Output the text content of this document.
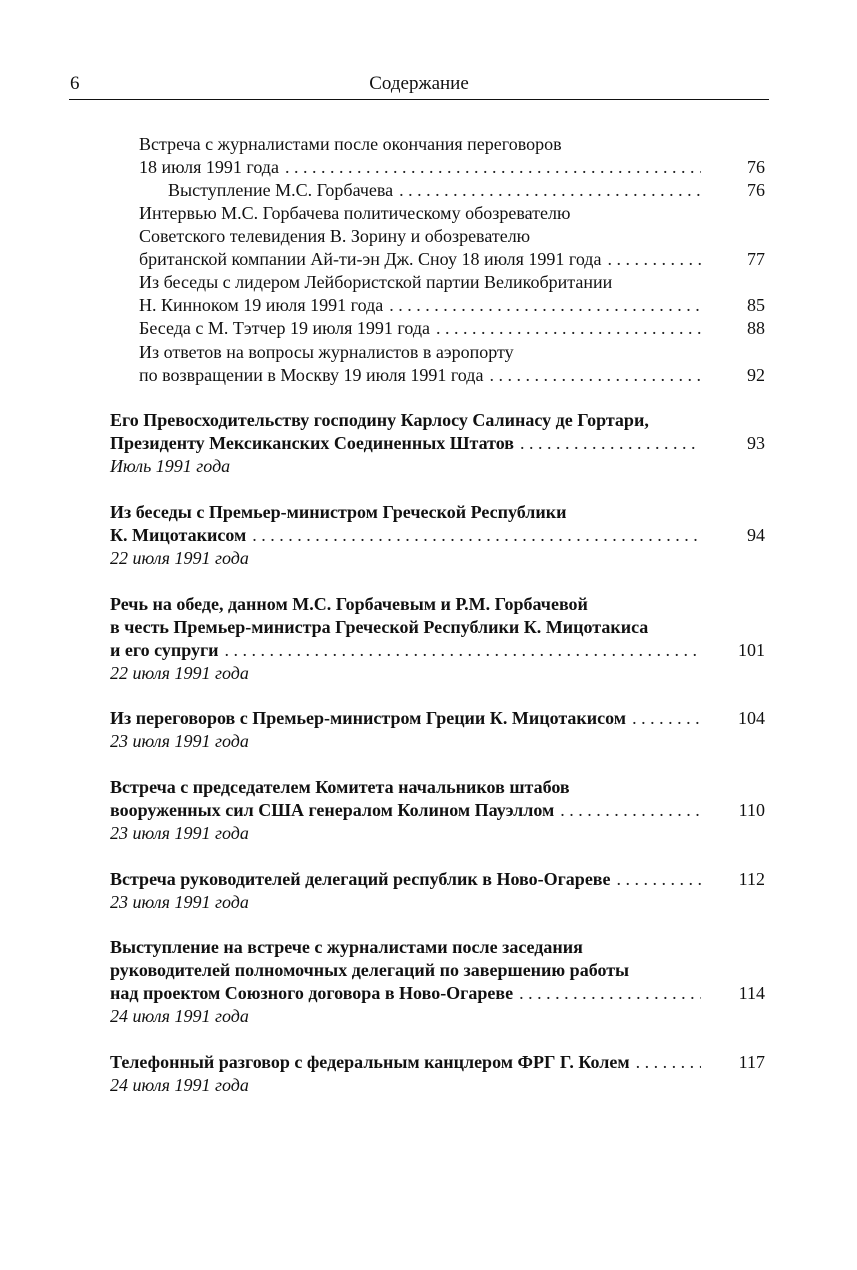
6	Содержание
Встреча с журналистами после окончания переговоров
18 июля 1991 года . . .	76
Выступление М.С. Горбачева . . .	76
Интервью М.С. Горбачева политическому обозревателю
Советского телевидения В. Зорину и обозревателю
британской компании Ай-ти-эн Дж. Сноу 18 июля 1991 года . . .	77
Из беседы с лидером Лейбористской партии Великобритании
Н. Кинноком 19 июля 1991 года . . .	85
Беседа с М. Тэтчер 19 июля 1991 года . . .	88
Из ответов на вопросы журналистов в аэропорту
по возвращении в Москву 19 июля 1991 года . . .	92
Его Превосходительству господину Карлосу Салинасу де Гортари,
Президенту Мексиканских Соединенных Штатов . . .	93
Июль 1991 года
Из беседы с Премьер-министром Греческой Республики
К. Мицотакисом . . .	94
22 июля 1991 года
Речь на обеде, данном М.С. Горбачевым и Р.М. Горбачевой
в честь Премьер-министра Греческой Республики К. Мицотакиса
и его супруги . . .	101
22 июля 1991 года
Из переговоров с Премьер-министром Греции К. Мицотакисом . . .	104
23 июля 1991 года
Встреча с председателем Комитета начальников штабов
вооруженных сил США генералом Колином Пауэллом . . .	110
23 июля 1991 года
Встреча руководителей делегаций республик в Ново-Огареве . . .	112
23 июля 1991 года
Выступление на встрече с журналистами после заседания
руководителей полномочных делегаций по завершению работы
над проектом Союзного договора в Ново-Огареве . . .	114
24 июля 1991 года
Телефонный разговор с федеральным канцлером ФРГ Г. Колем . . .	117
24 июля 1991 года
